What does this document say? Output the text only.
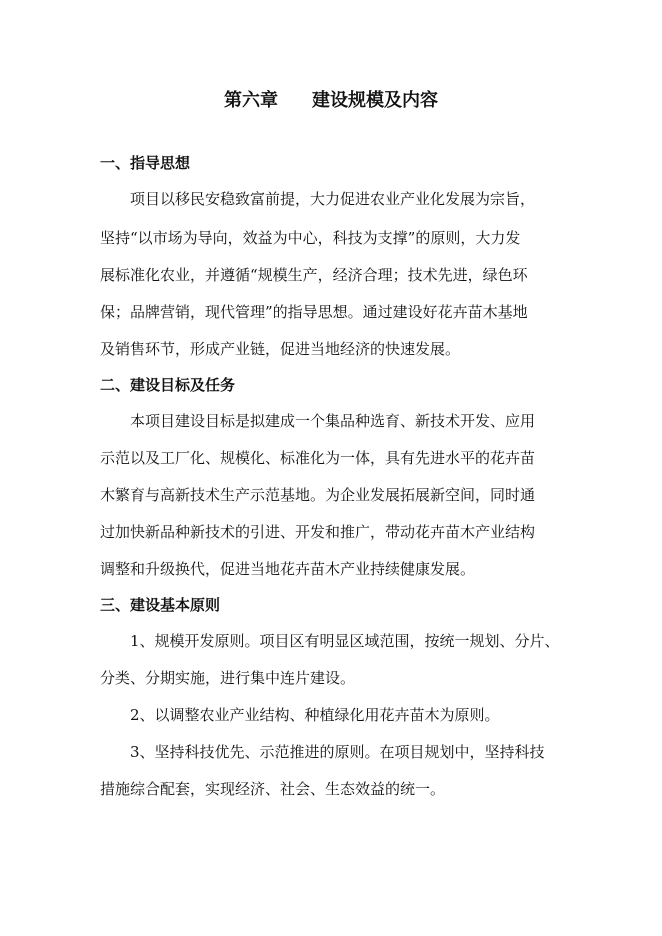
第六章 建设规模及内容
一、指导思想
项目以移民安稳致富前提，大力促进农业产业化发展为宗旨，
坚持“以市场为导向，效益为中心，科技为支撑”的原则，大力发
展标准化农业，并遵循“规模生产，经济合理；技术先进，绿色环
保；品牌营销，现代管理”的指导思想。通过建设好花卉苗木基地
及销售环节，形成产业链，促进当地经济的快速发展。
二、建设目标及任务
本项目建设目标是拟建成一个集品种选育、新技术开发、应用
示范以及工厂化、规模化、标准化为一体，具有先进水平的花卉苗
木繁育与高新技术生产示范基地。为企业发展拓展新空间，同时通
过加快新品种新技术的引进、开发和推广，带动花卉苗木产业结构
调整和升级换代，促进当地花卉苗木产业持续健康发展。
三、建设基本原则
1、规模开发原则。项目区有明显区域范围，按统一规划、分片、
分类、分期实施，进行集中连片建设。
2、以调整农业产业结构、种植绿化用花卉苗木为原则。
3、坚持科技优先、示范推进的原则。在项目规划中，坚持科技
措施综合配套，实现经济、社会、生态效益的统一。
